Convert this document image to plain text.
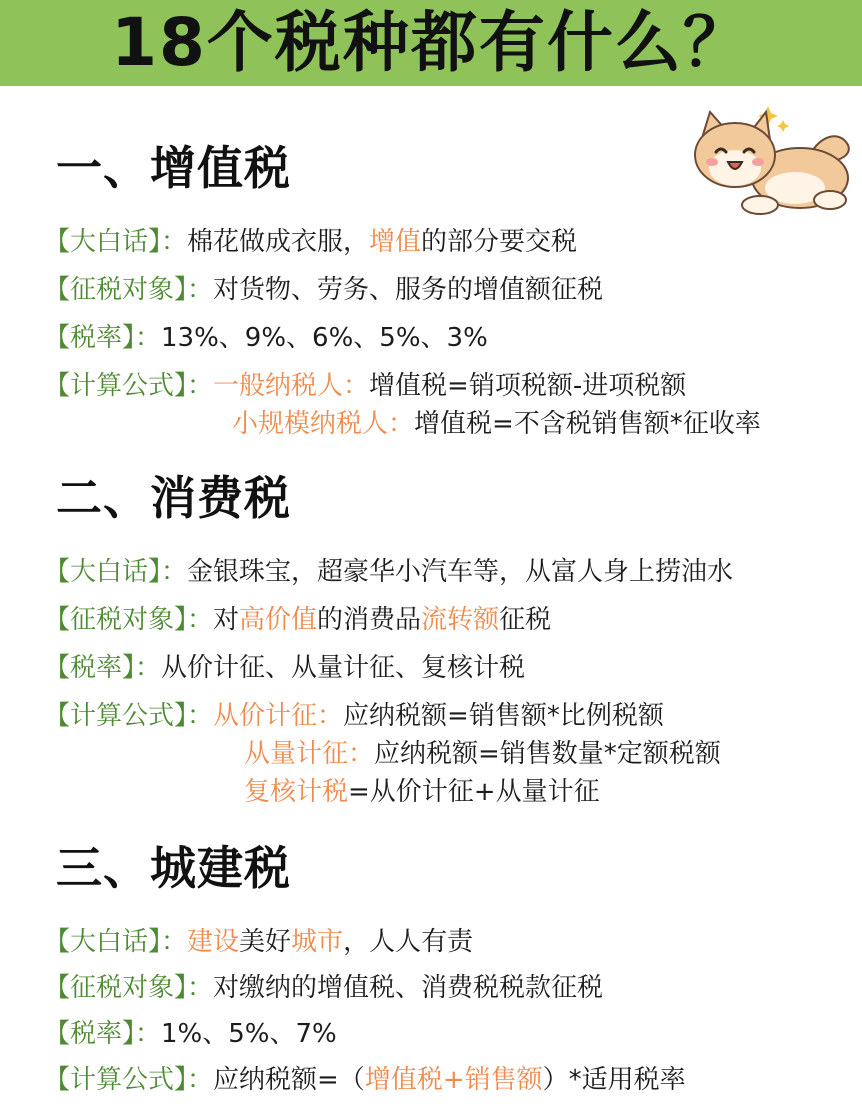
18个税种都有什么？
一、增值税
【大白话】：棉花做成衣服，增值的部分要交税
【征税对象】：对货物、劳务、服务的增值额征税
【税率】：13%、9%、6%、5%、3%
【计算公式】：一般纳税人：增值税=销项税额-进项税额
小规模纳税人：增值税=不含税销售额*征收率
二、消费税
【大白话】：金银珠宝，超豪华小汽车等，从富人身上捞油水
【征税对象】：对高价值的消费品流转额征税
【税率】：从价计征、从量计征、复核计税
【计算公式】：从价计征：应纳税额=销售额*比例税额
从量计征：应纳税额=销售数量*定额税额
复核计税=从价计征+从量计征
三、城建税
【大白话】：建设美好城市，人人有责
【征税对象】：对缴纳的增值税、消费税税款征税
【税率】：1%、5%、7%
【计算公式】：应纳税额=（增值税+销售额）*适用税率
